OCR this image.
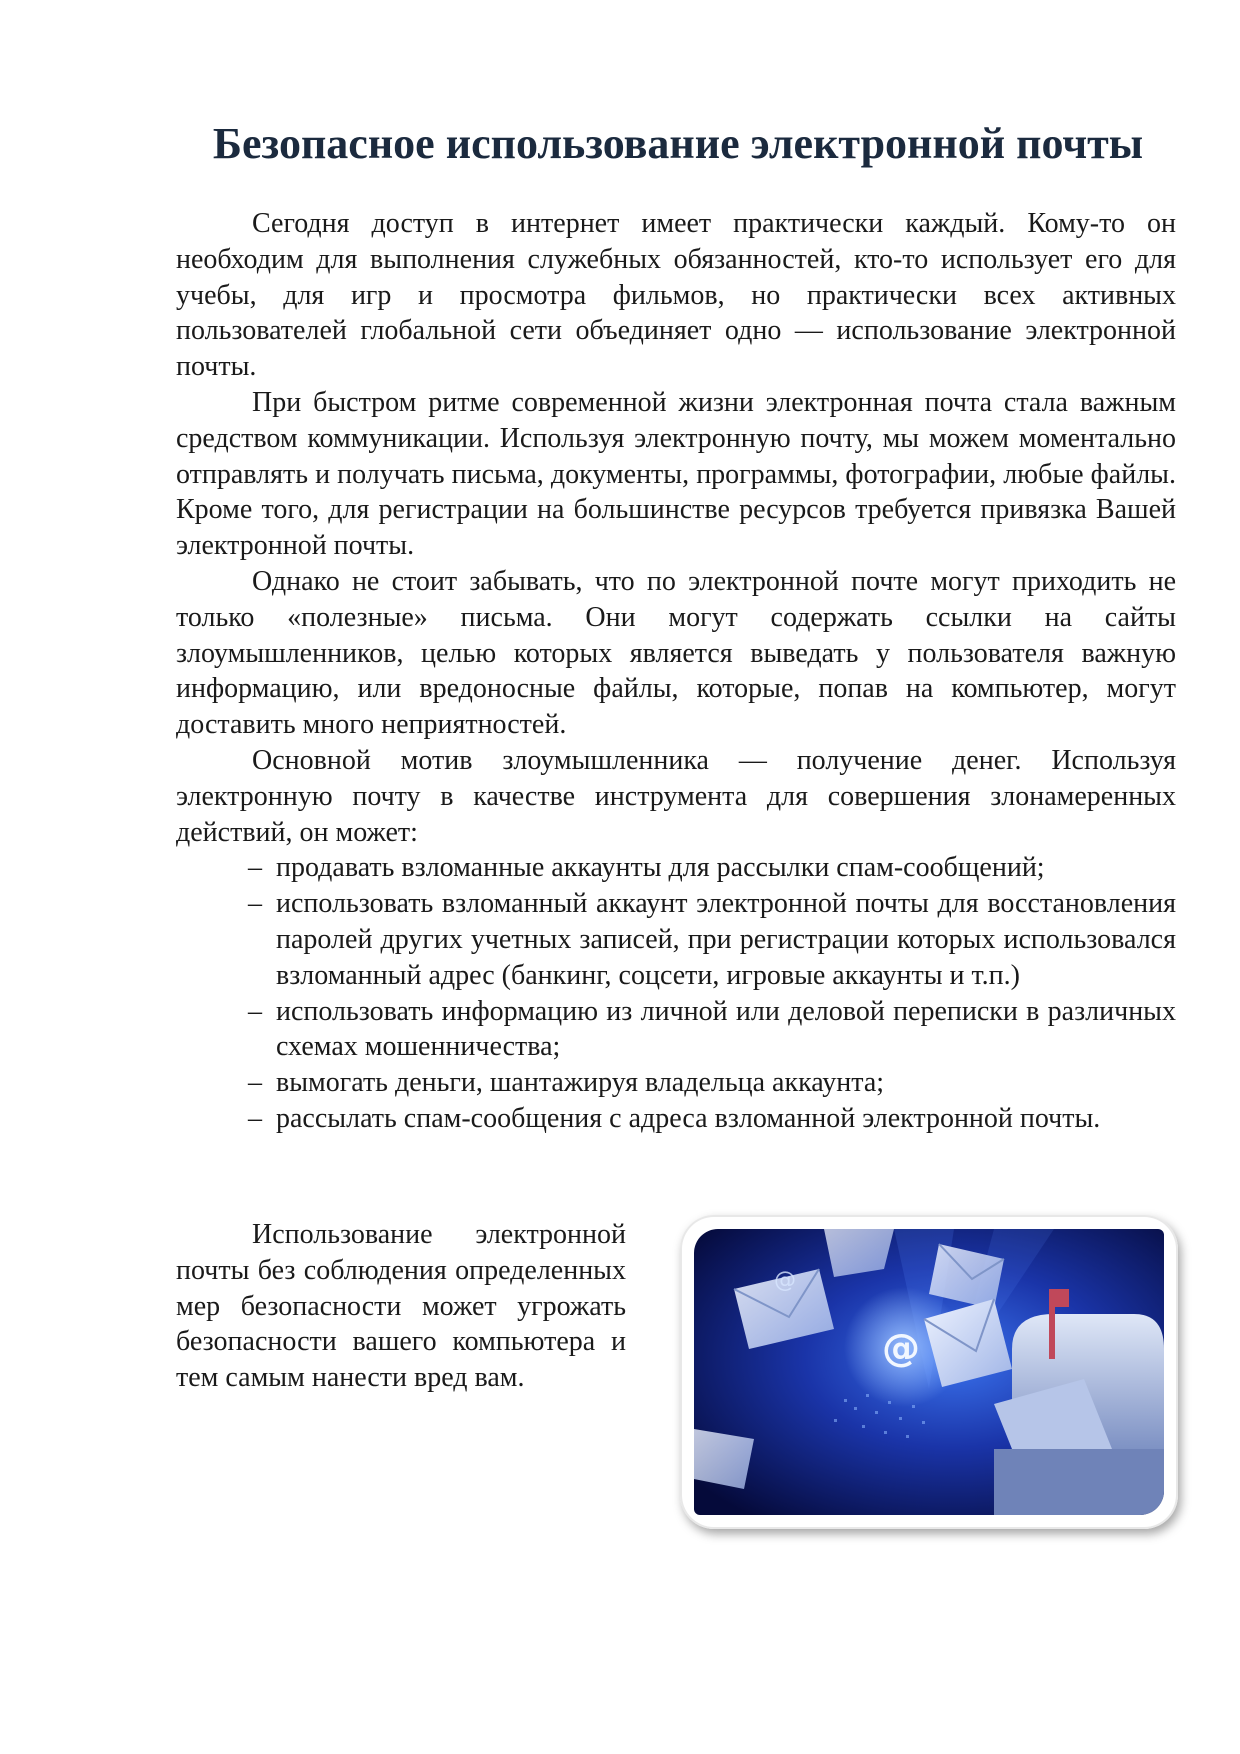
Безопасное использование электронной почты

Сегодня доступ в интернет имеет практически каждый. Кому-то он необходим для выполнения служебных обязанностей, кто-то использует его для учебы, для игр и просмотра фильмов, но практически всех активных пользователей глобальной сети объединяет одно — использование электронной почты.

При быстром ритме современной жизни электронная почта стала важным средством коммуникации. Используя электронную почту, мы можем моментально отправлять и получать письма, документы, программы, фотографии, любые файлы. Кроме того, для регистрации на большинстве ресурсов требуется привязка Вашей электронной почты.

Однако не стоит забывать, что по электронной почте могут приходить не только «полезные» письма. Они могут содержать ссылки на сайты злоумышленников, целью которых является выведать у пользователя важную информацию, или вредоносные файлы, которые, попав на компьютер, могут доставить много неприятностей.

Основной мотив злоумышленника — получение денег. Используя электронную почту в качестве инструмента для совершения злонамеренных действий, он может:

– продавать взломанные аккаунты для рассылки спам-сообщений;
– использовать взломанный аккаунт электронной почты для восстановления паролей других учетных записей, при регистрации которых использовался взломанный адрес (банкинг, соцсети, игровые аккаунты и т.п.)
– использовать информацию из личной или деловой переписки в различных схемах мошенничества;
– вымогать деньги, шантажируя владельца аккаунта;
– рассылать спам-сообщения с адреса взломанной электронной почты.

Использование электронной почты без соблюдения определенных мер безопасности может угрожать безопасности вашего компьютера и тем самым нанести вред вам.

@
@
